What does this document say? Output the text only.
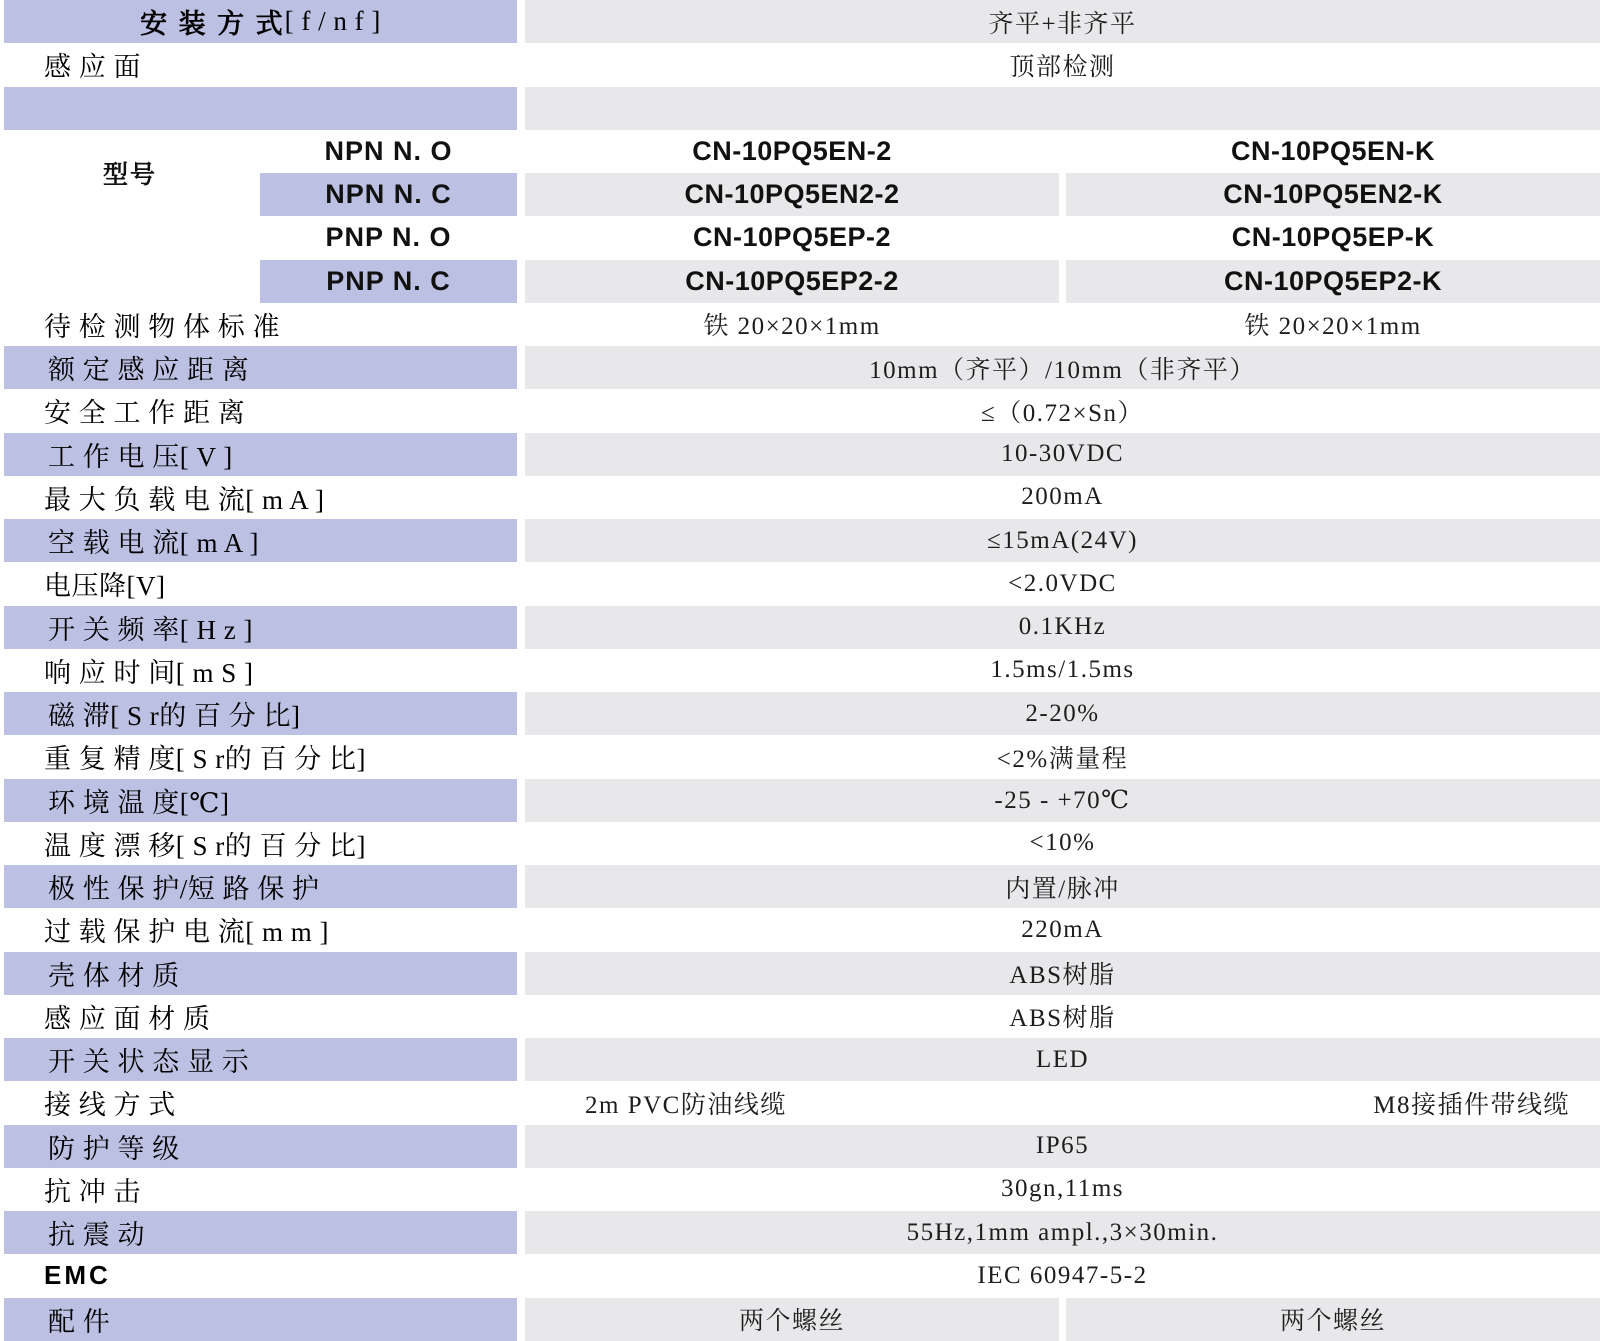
安 装 方 式 [ f / n f ]	齐平+非齐平
感 应 面	顶部检测
型号
NPN N. O	CN-10PQ5EN-2	CN-10PQ5EN-K
NPN N. C	CN-10PQ5EN2-2	CN-10PQ5EN2-K
PNP N. O	CN-10PQ5EP-2	CN-10PQ5EP-K
PNP N. C	CN-10PQ5EP2-2	CN-10PQ5EP2-K
待 检 测 物 体 标 准	铁 20×20×1mm	铁 20×20×1mm
额 定 感 应 距 离	10mm（齐平）/10mm（非齐平）
安 全 工 作 距 离	≤（0.72×Sn）
工 作 电 压[ V ]	10-30VDC
最 大 负 载 电 流[ m A ]	200mA
空 载 电 流[ m A ]	≤15mA(24V)
电压降[V]	<2.0VDC
开 关 频 率[ H z ]	0.1KHz
响 应 时 间[ m S ]	1.5ms/1.5ms
磁 滞[ S r的 百 分 比]	2-20%
重 复 精 度[ S r的 百 分 比]	<2%满量程
环 境 温 度[℃]	-25 - +70℃
温 度 漂 移[ S r的 百 分 比]	<10%
极 性 保 护/短 路 保 护	内置/脉冲
过 载 保 护 电 流[ m m ]	220mA
壳 体 材 质	ABS树脂
感 应 面 材 质	ABS树脂
开 关 状 态 显 示	LED
接 线 方 式	2m PVC防油线缆	M8接插件带线缆
防 护 等 级	IP65
抗 冲 击	30gn,11ms
抗 震 动	55Hz,1mm ampl.,3×30min.
EMC	IEC 60947-5-2
配 件	两个螺丝	两个螺丝
